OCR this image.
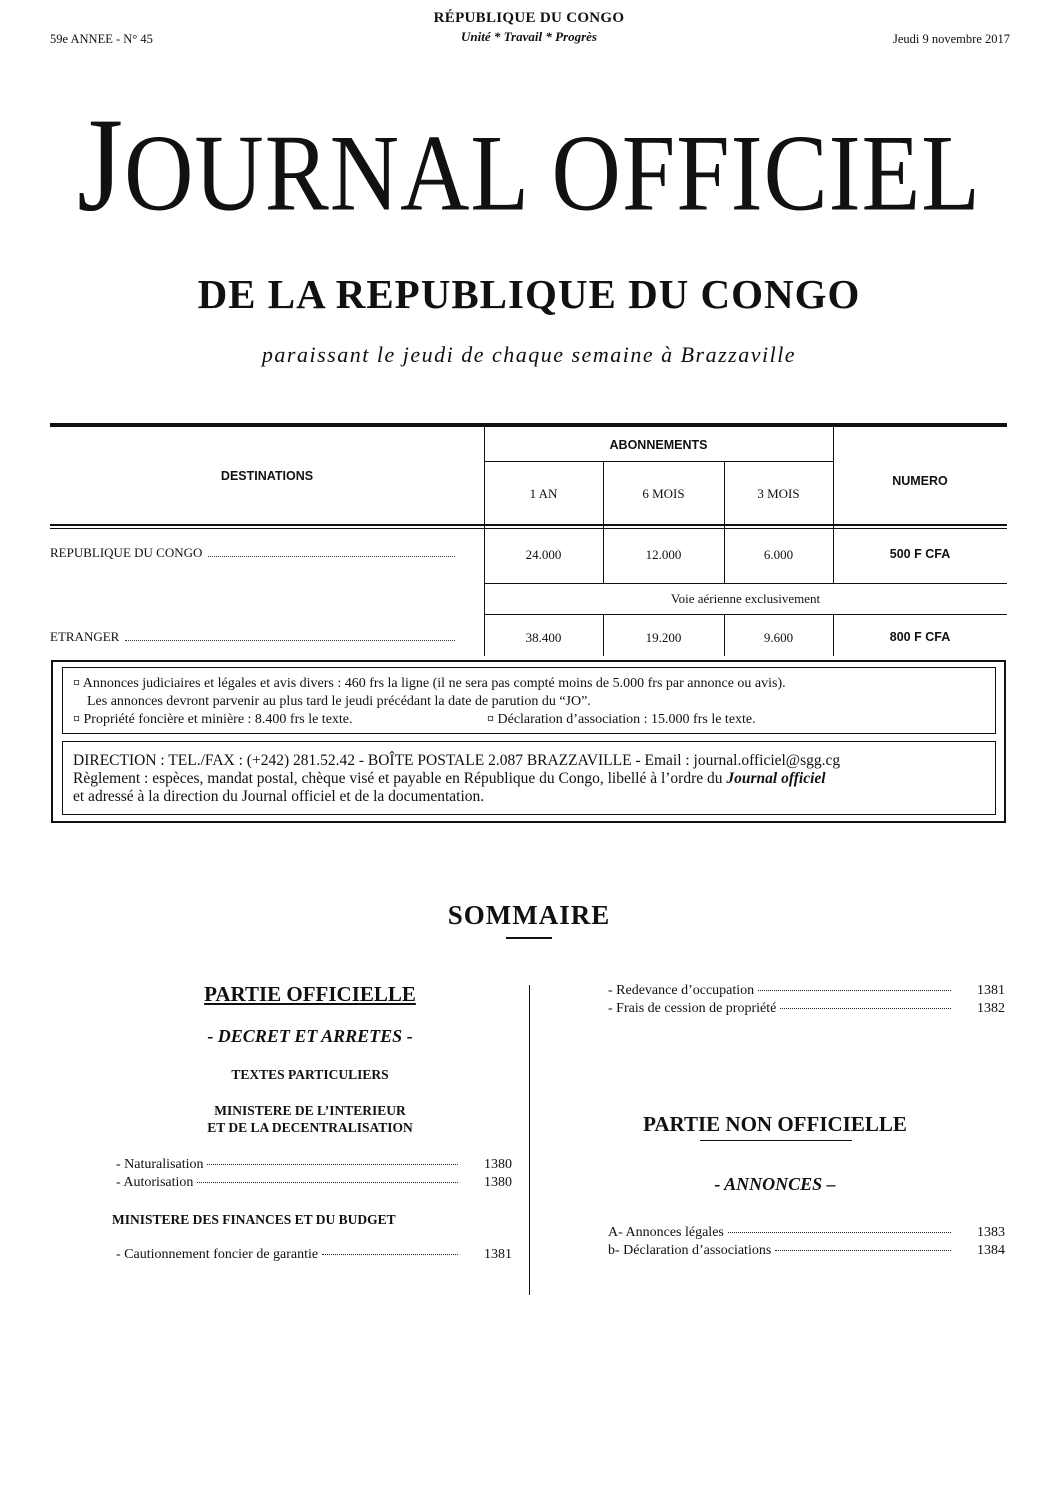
59e ANNEE - N° 45
RÉPUBLIQUE DU CONGO
Unité * Travail * Progrès	Jeudi 9 novembre 2017
JOURNAL OFFICIEL
DE LA REPUBLIQUE DU CONGO
paraissant le jeudi de chaque semaine à Brazzaville
DESTINATIONS
ABONNEMENTS
1 AN	6 MOIS	3 MOIS
NUMERO
REPUBLIQUE DU CONGO	24.000	12.000	6.000	500 F CFA
Voie aérienne exclusivement
ETRANGER	38.400	19.200	9.600	800 F CFA
¤ Annonces judiciaires et légales et avis divers : 460 frs la ligne (il ne sera pas compté moins de 5.000 frs par annonce ou avis).
Les annonces devront parvenir au plus tard le jeudi précédant la date de parution du “JO”.
¤ Propriété foncière et minière : 8.400 frs le texte.	¤ Déclaration d’association : 15.000 frs le texte.
DIRECTION : TEL./FAX : (+242) 281.52.42 - BOÎTE POSTALE 2.087 BRAZZAVILLE - Email : journal.officiel@sgg.cg
Règlement : espèces, mandat postal, chèque visé et payable en République du Congo, libellé à l’ordre du Journal officiel
et adressé à la direction du Journal officiel et de la documentation.
SOMMAIRE
PARTIE OFFICIELLE
- DECRET ET ARRETES -
TEXTES PARTICULIERS
MINISTERE DE L’INTERIEUR
ET DE LA DECENTRALISATION
- Naturalisation	1380
- Autorisation	1380
MINISTERE DES FINANCES ET DU BUDGET
- Cautionnement foncier de garantie	1381
- Redevance d’occupation	1381
- Frais de cession de propriété	1382
PARTIE NON OFFICIELLE
- ANNONCES –
A- Annonces légales	1383
b- Déclaration d’associations	1384
